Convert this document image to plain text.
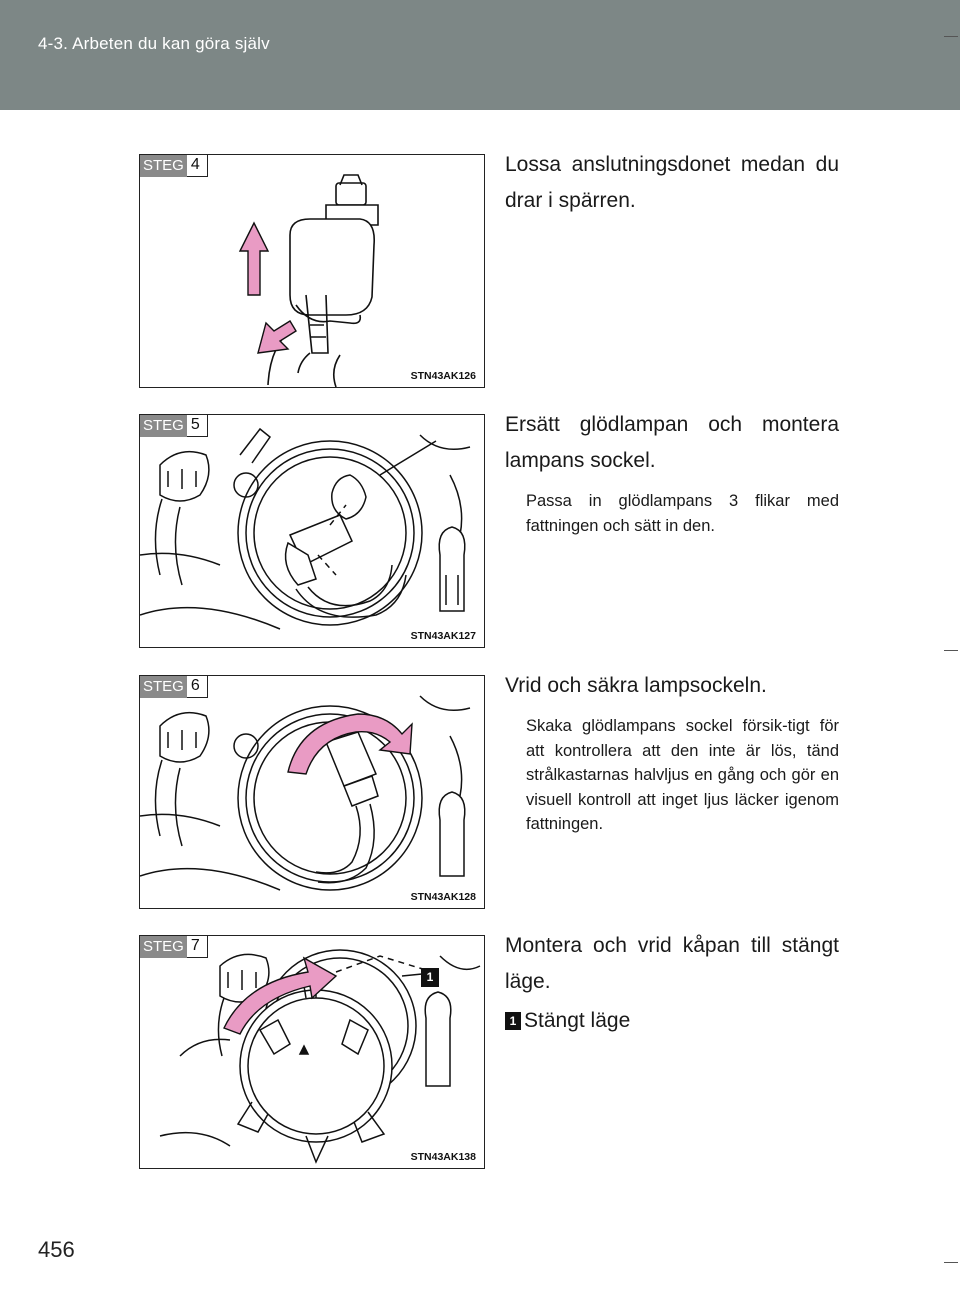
4-3. Arbeten du kan göra själv
STEG 4
STN43AK126

Lossa anslutningsdonet medan du drar i spärren.

STEG 5
STN43AK127

Ersätt glödlampan och montera lampans sockel.

Passa in glödlampans 3 flikar med fattningen och sätt in den.

STEG 6
STN43AK128

Vrid och säkra lampsockeln.

Skaka glödlampans sockel försik-tigt för att kontrollera att den inte är lös, tänd strålkastarnas halvljus en gång och gör en visuell kontroll att inget ljus läcker igenom fattningen.

STEG 7
1
STN43AK138

Montera och vrid kåpan till stängt läge.

1 Stängt läge
456
